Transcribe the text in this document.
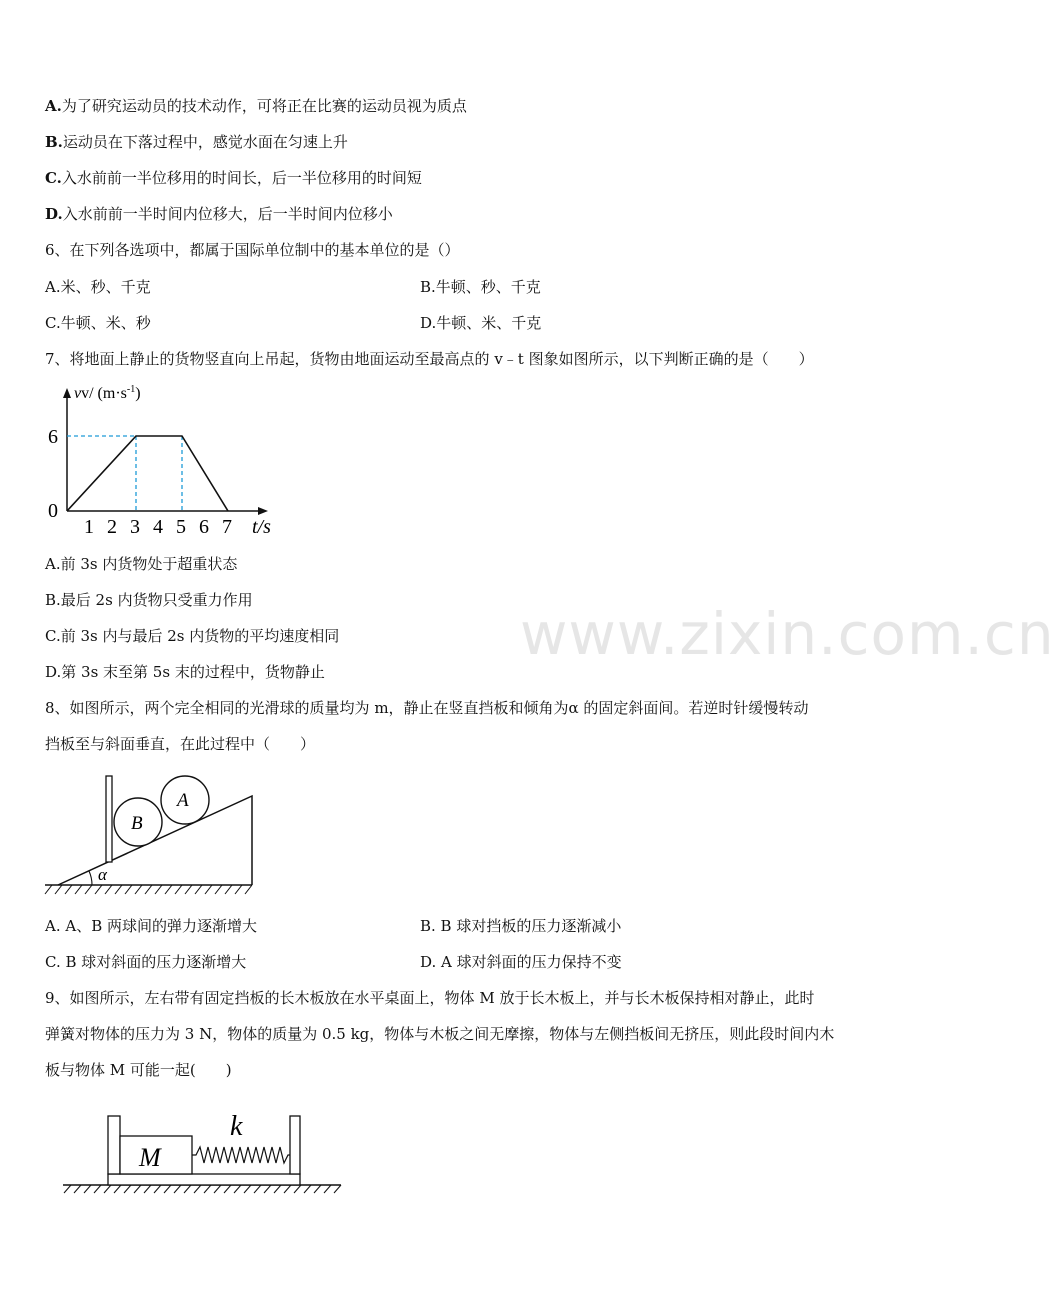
www.zixin.com.cn
A.为了研究运动员的技术动作，可将正在比赛的运动员视为质点
B.运动员在下落过程中，感觉水面在匀速上升
C.入水前前一半位移用的时间长，后一半位移用的时间短
D.入水前前一半时间内位移大，后一半时间内位移小
6、在下列各选项中，都属于国际单位制中的基本单位的是（）
A.米、秒、千克	B.牛顿、秒、千克
C.牛顿、米、秒	D.牛顿、米、千克
7、将地面上静止的货物竖直向上吊起，货物由地面运动至最高点的 v﹣t 图象如图所示，以下判断正确的是（　　）
vv/ $(m\cdot s^{-1})$
0
6
t/s
1 2 3 4 5 6 7
A.前 3s 内货物处于超重状态
B.最后 2s 内货物只受重力作用
C.前 3s 内与最后 2s 内货物的平均速度相同
D.第 3s 末至第 5s 末的过程中，货物静止
8、如图所示，两个完全相同的光滑球的质量均为 m，静止在竖直挡板和倾角为α 的固定斜面间。若逆时针缓慢转动
挡板至与斜面垂直，在此过程中（　　）
B
A
α
A. A、B 两球间的弹力逐渐增大	B. B 球对挡板的压力逐渐减小
C. B 球对斜面的压力逐渐增大	D. A 球对斜面的压力保持不变
9、如图所示，左右带有固定挡板的长木板放在水平桌面上，物体 M 放于长木板上，并与长木板保持相对静止，此时
弹簧对物体的压力为 3 N，物体的质量为 0.5 kg，物体与木板之间无摩擦，物体与左侧挡板间无挤压，则此段时间内木
板与物体 M 可能一起(　　)
M
k
